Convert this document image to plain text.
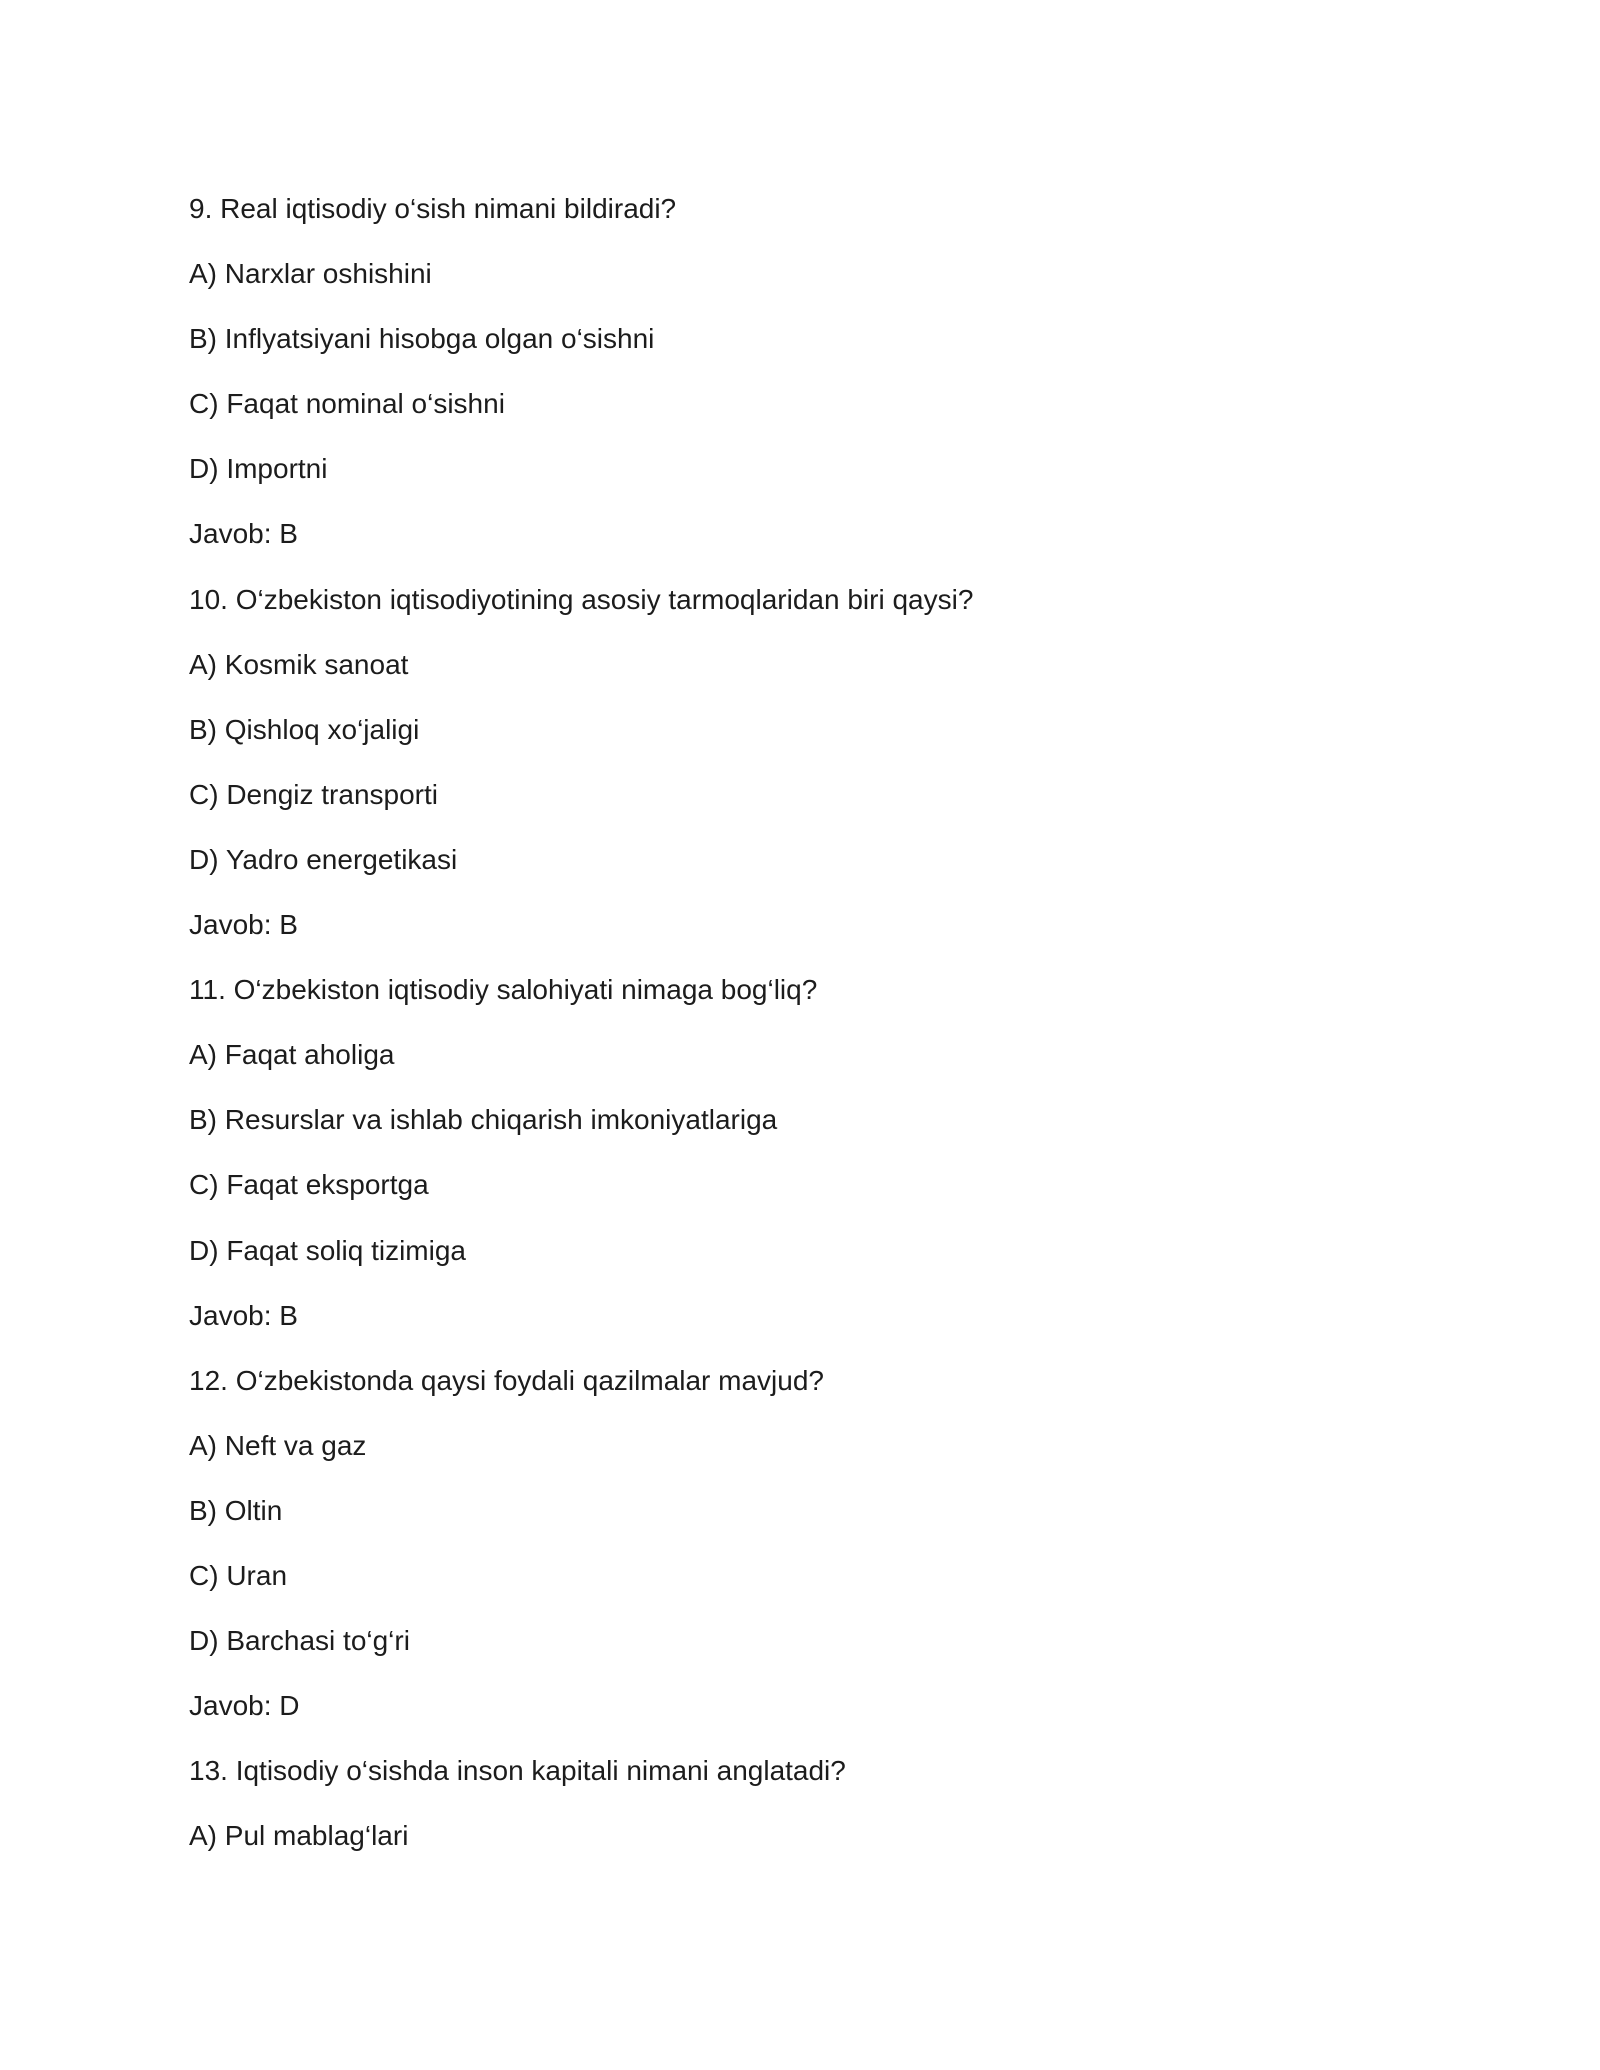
9. Real iqtisodiy o‘sish nimani bildiradi?
A) Narxlar oshishini
B) Inflyatsiyani hisobga olgan o‘sishni
C) Faqat nominal o‘sishni
D) Importni
Javob: B
10. O‘zbekiston iqtisodiyotining asosiy tarmoqlaridan biri qaysi?
A) Kosmik sanoat
B) Qishloq xo‘jaligi
C) Dengiz transporti
D) Yadro energetikasi
Javob: B
11. O‘zbekiston iqtisodiy salohiyati nimaga bog‘liq?
A) Faqat aholiga
B) Resurslar va ishlab chiqarish imkoniyatlariga
C) Faqat eksportga
D) Faqat soliq tizimiga
Javob: B
12. O‘zbekistonda qaysi foydali qazilmalar mavjud?
A) Neft va gaz
B) Oltin
C) Uran
D) Barchasi to‘g‘ri
Javob: D
13. Iqtisodiy o‘sishda inson kapitali nimani anglatadi?
A) Pul mablag‘lari
